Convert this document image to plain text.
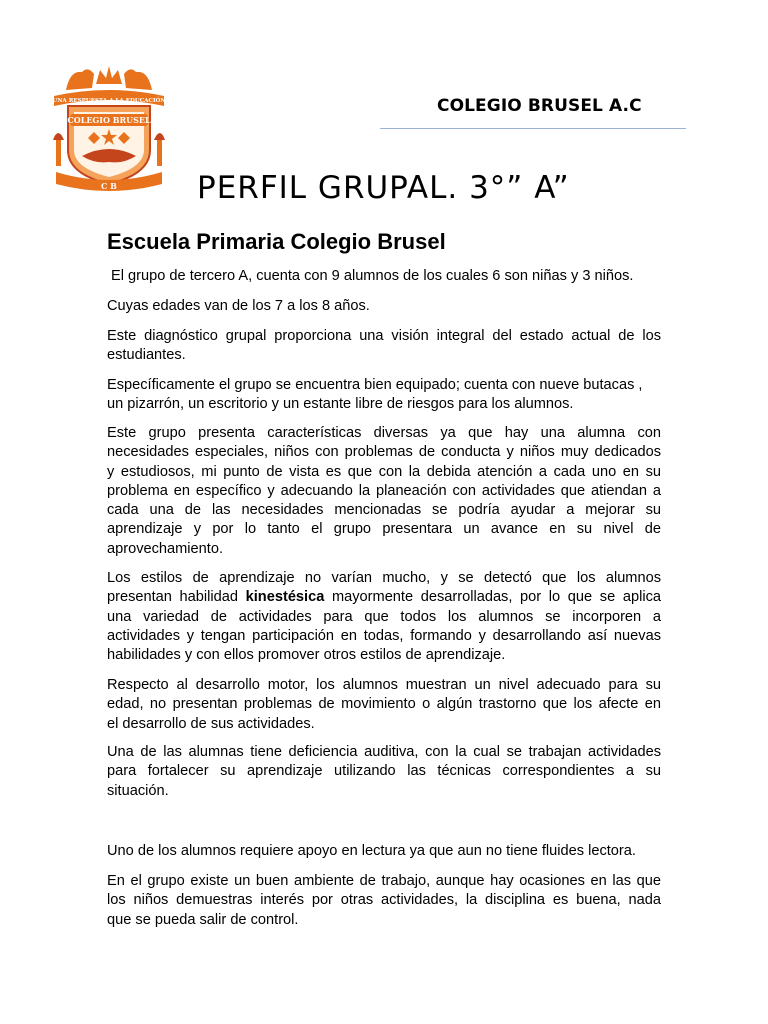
“UNA RESPUESTA A LA EDUCACIÓN”
COLEGIO BRUSEL
C B
COLEGIO BRUSEL A.C
PERFIL GRUPAL. 3°” A”
Escuela Primaria Colegio Brusel

El grupo de tercero A, cuenta con 9 alumnos de los cuales 6 son niñas y 3 niños.

Cuyas edades van de los 7 a los 8 años.

Este diagnóstico grupal proporciona una visión integral del estado actual de los
estudiantes.

Específicamente el grupo se encuentra bien equipado; cuenta con nueve butacas ,
un pizarrón, un escritorio y un estante libre de riesgos para los alumnos.

Este grupo presenta características diversas ya que hay una alumna con
necesidades especiales, niños con problemas de conducta y niños muy dedicados
y estudiosos, mi punto de vista es que con la debida atención a cada uno en su
problema en específico y adecuando la planeación con actividades que atiendan a
cada una de las necesidades mencionadas se podría ayudar a mejorar su
aprendizaje y por lo tanto el grupo presentara un avance en su nivel de
aprovechamiento.

Los estilos de aprendizaje no varían mucho, y se detectó que los alumnos
presentan habilidad kinestésica mayormente desarrolladas, por lo que se aplica
una variedad de actividades para que todos los alumnos se incorporen a
actividades y tengan participación en todas, formando y desarrollando así nuevas
habilidades y con ellos promover otros estilos de aprendizaje.

Respecto al desarrollo motor, los alumnos muestran un nivel adecuado para su
edad, no presentan problemas de movimiento o algún trastorno que los afecte en
el desarrollo de sus actividades.

Una de las alumnas tiene deficiencia auditiva, con la cual se trabajan actividades
para fortalecer su aprendizaje utilizando las técnicas correspondientes a su
situación.

Uno de los alumnos requiere apoyo en lectura ya que aun no tiene fluides lectora.

En el grupo existe un buen ambiente de trabajo, aunque hay ocasiones en las que
los niños demuestras interés por otras actividades, la disciplina es buena, nada
que se pueda salir de control.
